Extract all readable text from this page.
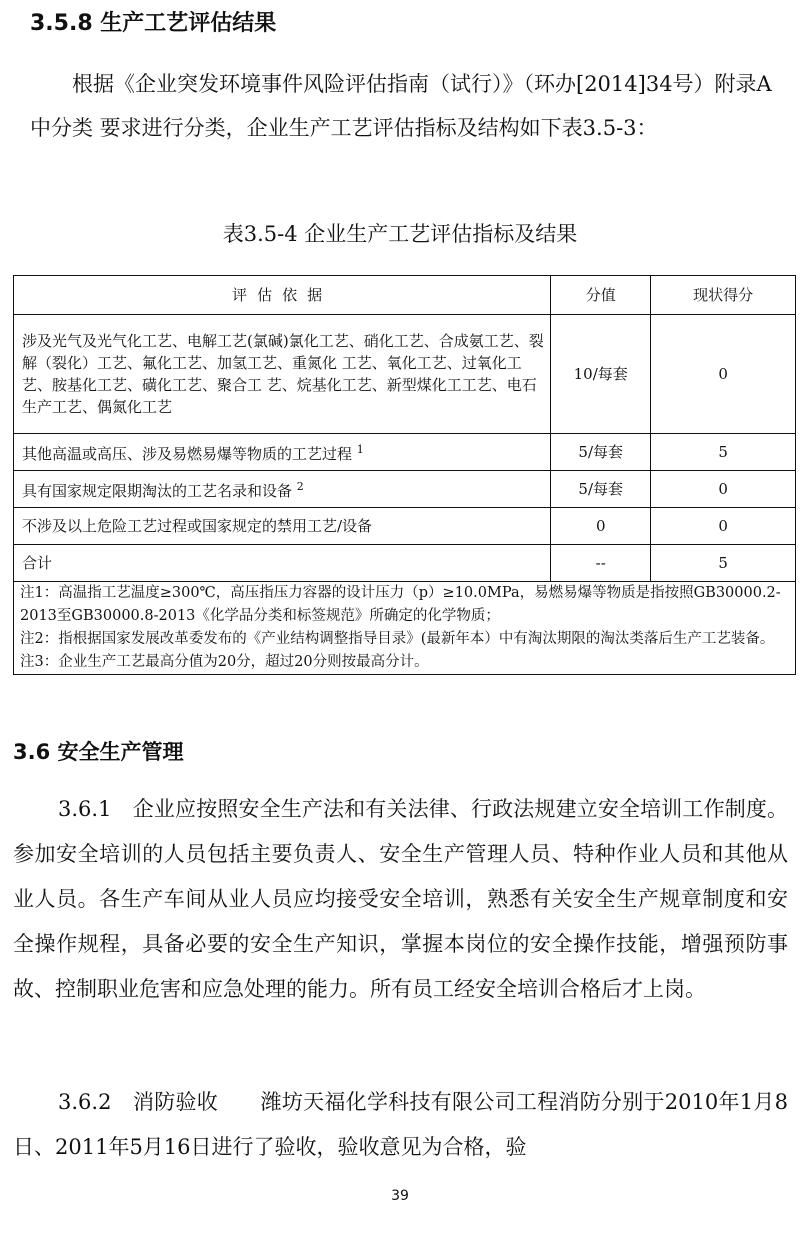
3.5.8 生产工艺评估结果

根据《企业突发环境事件风险评估指南（试行）》（环办[2014]34号）附录A中分类 要求进行分类，企业生产工艺评估指标及结构如下表3.5-3：

表3.5-4 企业生产工艺评估指标及结果
评估依据	分值	现状得分
涉及光气及光气化工艺、电解工艺(氯碱)氯化工艺、硝化工艺、合成氨工艺、裂解（裂化）工艺、氟化工艺、加氢工艺、重氮化 工艺、氧化工艺、过氧化工艺、胺基化工艺、磺化工艺、聚合工 艺、烷基化工艺、新型煤化工工艺、电石生产工艺、偶氮化工艺	10/每套	0
其他高温或高压、涉及易燃易爆等物质的工艺过程 $^1$	5/每套	5
具有国家规定限期淘汰的工艺名录和设备 $^2$	5/每套	0
不涉及以上危险工艺过程或国家规定的禁用工艺/设备	0	0
合计	--	5

注1：高温指工艺温度≥300℃，高压指压力容器的设计压力（p）≥10.0MPa，易燃易爆等物质是指按照GB30000.2-2013至GB30000.8-2013《化学品分类和标签规范》所确定的化学物质；
注2：指根据国家发展改革委发布的《产业结构调整指导目录》(最新年本）中有淘汰期限的淘汰类落后生产工艺装备。
注3：企业生产工艺最高分值为20分，超过20分则按最高分计。		
3.6 安全生产管理

3.6.1　企业应按照安全生产法和有关法律、行政法规建立安全培训工作制度。参加安全培训的人员包括主要负责人、安全生产管理人员、特种作业人员和其他从业人员。各生产车间从业人员应均接受安全培训，熟悉有关安全生产规章制度和安全操作规程，具备必要的安全生产知识，掌握本岗位的安全操作技能，增强预防事故、控制职业危害和应急处理的能力。所有员工经安全培训合格后才上岗。

3.6.2　消防验收　　潍坊天福化学科技有限公司工程消防分别于2010年1月8日、2011年5月16日进行了验收，验收意见为合格，验

39
